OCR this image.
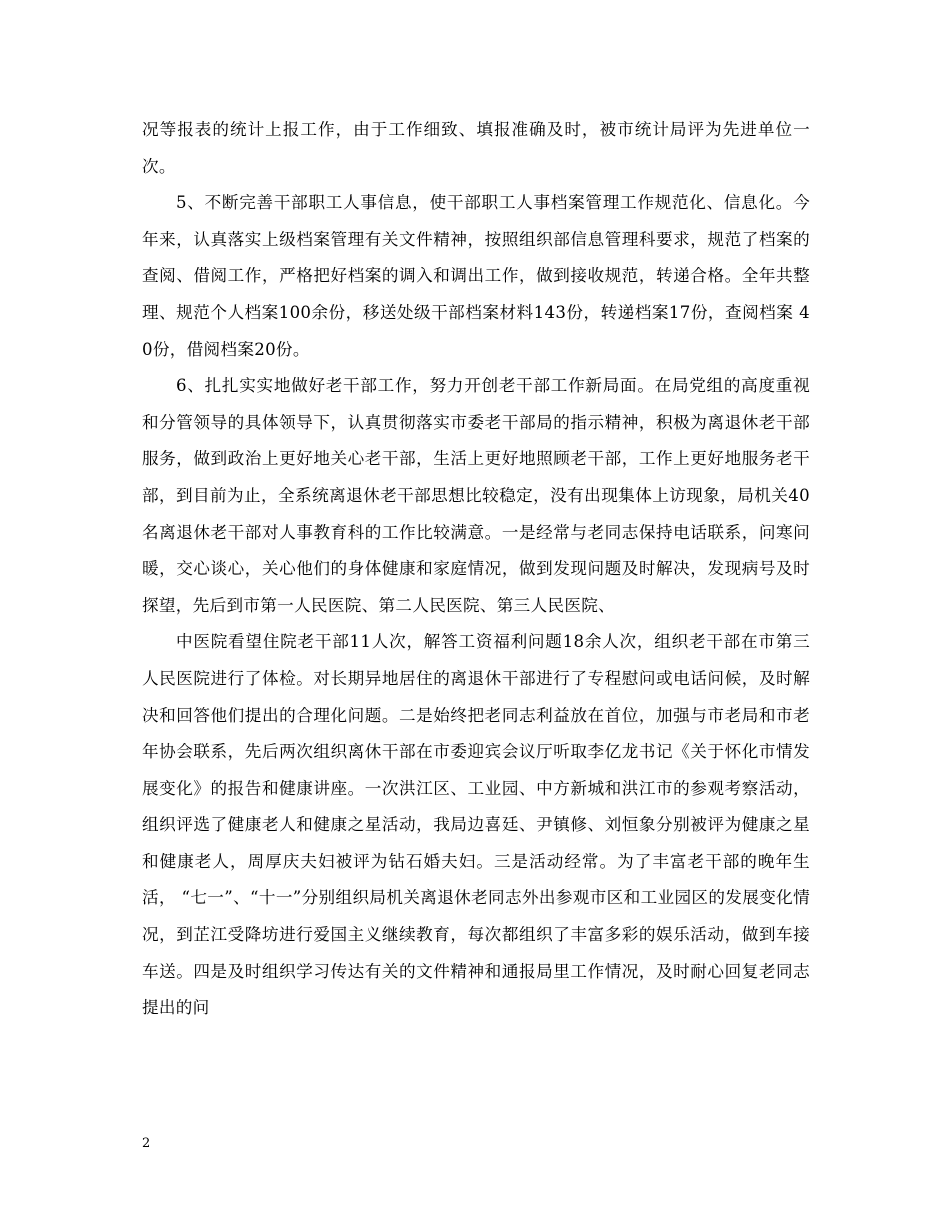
况等报表的统计上报工作，由于工作细致、填报准确及时，被市统计局评为先进单位一次。

5、不断完善干部职工人事信息，使干部职工人事档案管理工作规范化、信息化。今年来，认真落实上级档案管理有关文件精神，按照组织部信息管理科要求，规范了档案的查阅、借阅工作，严格把好档案的调入和调出工作，做到接收规范，转递合格。全年共整理、规范个人档案100余份，移送处级干部档案材料143份，转递档案17份，查阅档案 40份，借阅档案20份。

6、扎扎实实地做好老干部工作，努力开创老干部工作新局面。在局党组的高度重视和分管领导的具体领导下，认真贯彻落实市委老干部局的指示精神，积极为离退休老干部服务，做到政治上更好地关心老干部，生活上更好地照顾老干部，工作上更好地服务老干部，到目前为止，全系统离退休老干部思想比较稳定，没有出现集体上访现象，局机关40名离退休老干部对人事教育科的工作比较满意。一是经常与老同志保持电话联系，问寒问暖，交心谈心，关心他们的身体健康和家庭情况，做到发现问题及时解决，发现病号及时探望，先后到市第一人民医院、第二人民医院、第三人民医院、

中医院看望住院老干部11人次，解答工资福利问题18余人次，组织老干部在市第三人民医院进行了体检。对长期异地居住的离退休干部进行了专程慰问或电话问候，及时解决和回答他们提出的合理化问题。二是始终把老同志利益放在首位，加强与市老局和市老年协会联系，先后两次组织离休干部在市委迎宾会议厅听取李亿龙书记《关于怀化市情发展变化》的报告和健康讲座。一次洪江区、工业园、中方新城和洪江市的参观考察活动，组织评选了健康老人和健康之星活动，我局边喜廷、尹镇修、刘恒象分别被评为健康之星和健康老人，周厚庆夫妇被评为钻石婚夫妇。三是活动经常。为了丰富老干部的晚年生活， “七一”、“十一”分别组织局机关离退休老同志外出参观市区和工业园区的发展变化情况，到芷江受降坊进行爱国主义继续教育，每次都组织了丰富多彩的娱乐活动，做到车接车送。四是及时组织学习传达有关的文件精神和通报局里工作情况，及时耐心回复老同志提出的问

2
